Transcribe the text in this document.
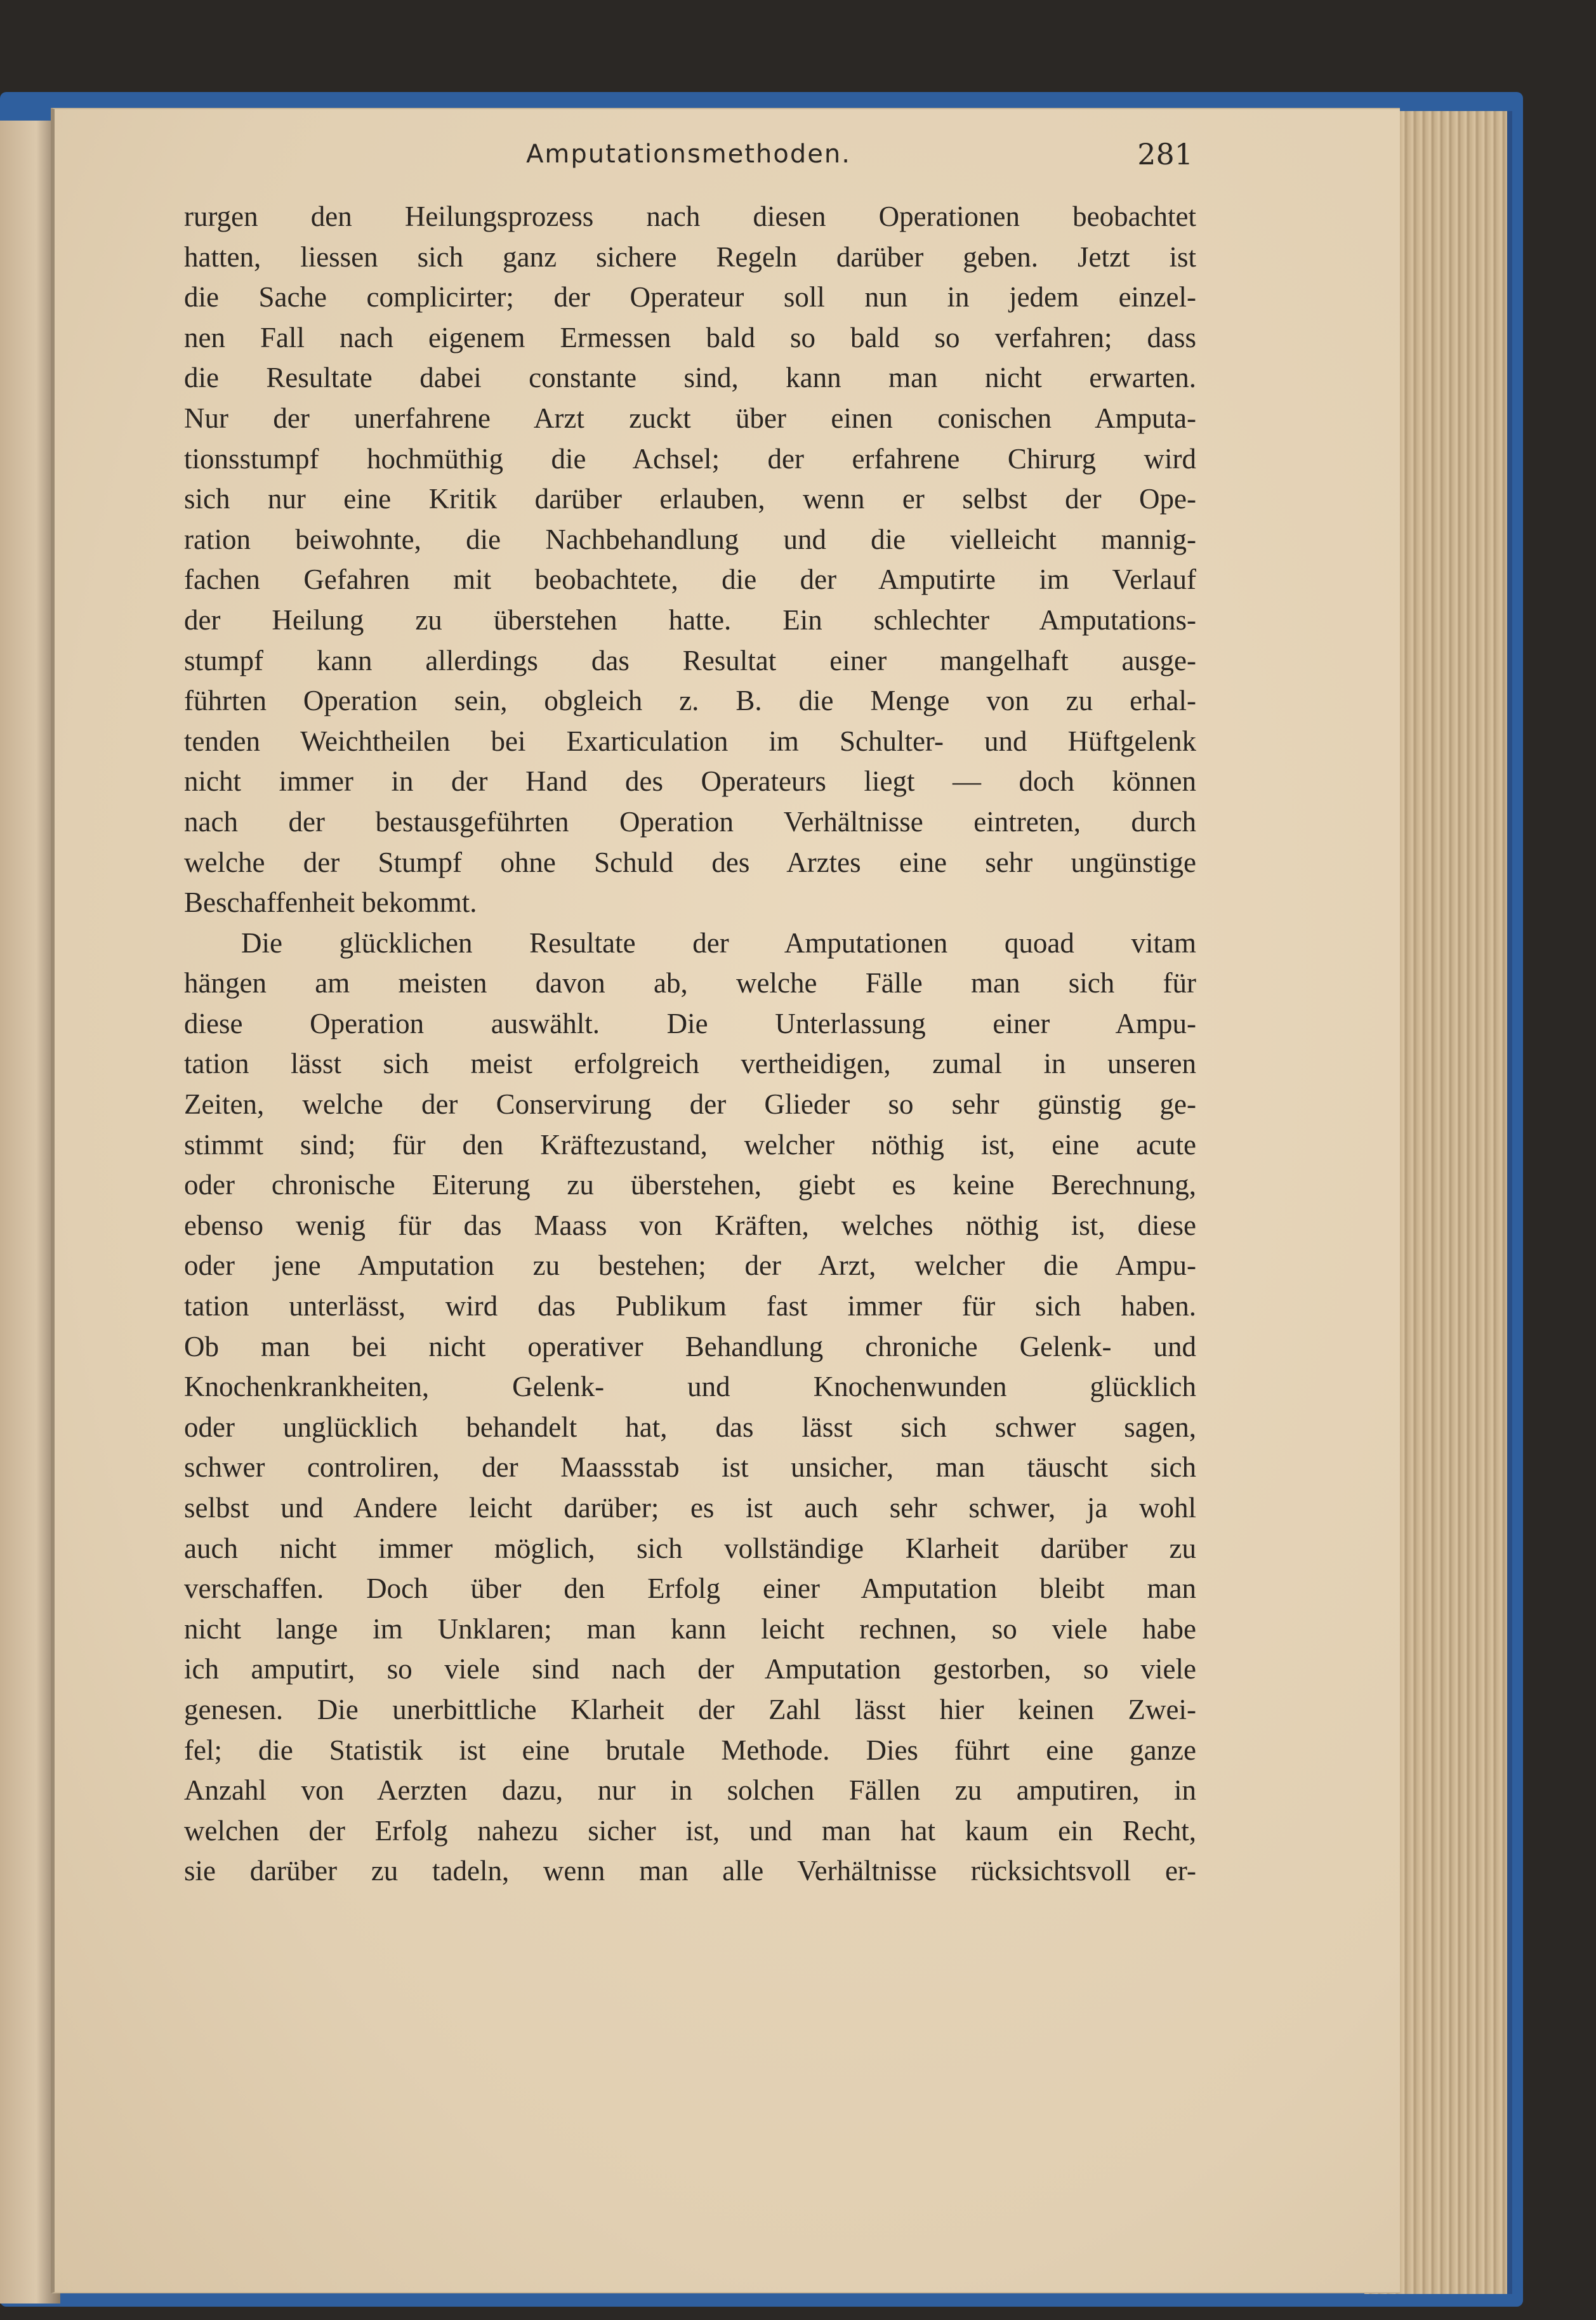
Amputationsmethoden.	281
rurgen den Heilungsprozess nach diesen Operationen beobachtet
hatten, liessen sich ganz sichere Regeln darüber geben. Jetzt ist
die Sache complicirter; der Operateur soll nun in jedem einzel-
nen Fall nach eigenem Ermessen bald so bald so verfahren; dass
die Resultate dabei constante sind, kann man nicht erwarten.
Nur der unerfahrene Arzt zuckt über einen conischen Amputa-
tionsstumpf hochmüthig die Achsel; der erfahrene Chirurg wird
sich nur eine Kritik darüber erlauben, wenn er selbst der Ope-
ration beiwohnte, die Nachbehandlung und die vielleicht mannig-
fachen Gefahren mit beobachtete, die der Amputirte im Verlauf
der Heilung zu überstehen hatte. Ein schlechter Amputations-
stumpf kann allerdings das Resultat einer mangelhaft ausge-
führten Operation sein, obgleich z. B. die Menge von zu erhal-
tenden Weichtheilen bei Exarticulation im Schulter- und Hüftgelenk
nicht immer in der Hand des Operateurs liegt — doch können
nach der bestausgeführten Operation Verhältnisse eintreten, durch
welche der Stumpf ohne Schuld des Arztes eine sehr ungünstige
Beschaffenheit bekommt.
Die glücklichen Resultate der Amputationen quoad vitam
hängen am meisten davon ab, welche Fälle man sich für
diese Operation auswählt. Die Unterlassung einer Ampu-
tation lässt sich meist erfolgreich vertheidigen, zumal in unseren
Zeiten, welche der Conservirung der Glieder so sehr günstig ge-
stimmt sind; für den Kräftezustand, welcher nöthig ist, eine acute
oder chronische Eiterung zu überstehen, giebt es keine Berechnung,
ebenso wenig für das Maass von Kräften, welches nöthig ist, diese
oder jene Amputation zu bestehen; der Arzt, welcher die Ampu-
tation unterlässt, wird das Publikum fast immer für sich haben.
Ob man bei nicht operativer Behandlung chroniche Gelenk- und
Knochenkrankheiten, Gelenk- und Knochenwunden glücklich
oder unglücklich behandelt hat, das lässt sich schwer sagen,
schwer controliren, der Maassstab ist unsicher, man täuscht sich
selbst und Andere leicht darüber; es ist auch sehr schwer, ja wohl
auch nicht immer möglich, sich vollständige Klarheit darüber zu
verschaffen. Doch über den Erfolg einer Amputation bleibt man
nicht lange im Unklaren; man kann leicht rechnen, so viele habe
ich amputirt, so viele sind nach der Amputation gestorben, so viele
genesen. Die unerbittliche Klarheit der Zahl lässt hier keinen Zwei-
fel; die Statistik ist eine brutale Methode. Dies führt eine ganze
Anzahl von Aerzten dazu, nur in solchen Fällen zu amputiren, in
welchen der Erfolg nahezu sicher ist, und man hat kaum ein Recht,
sie darüber zu tadeln, wenn man alle Verhältnisse rücksichtsvoll er-
